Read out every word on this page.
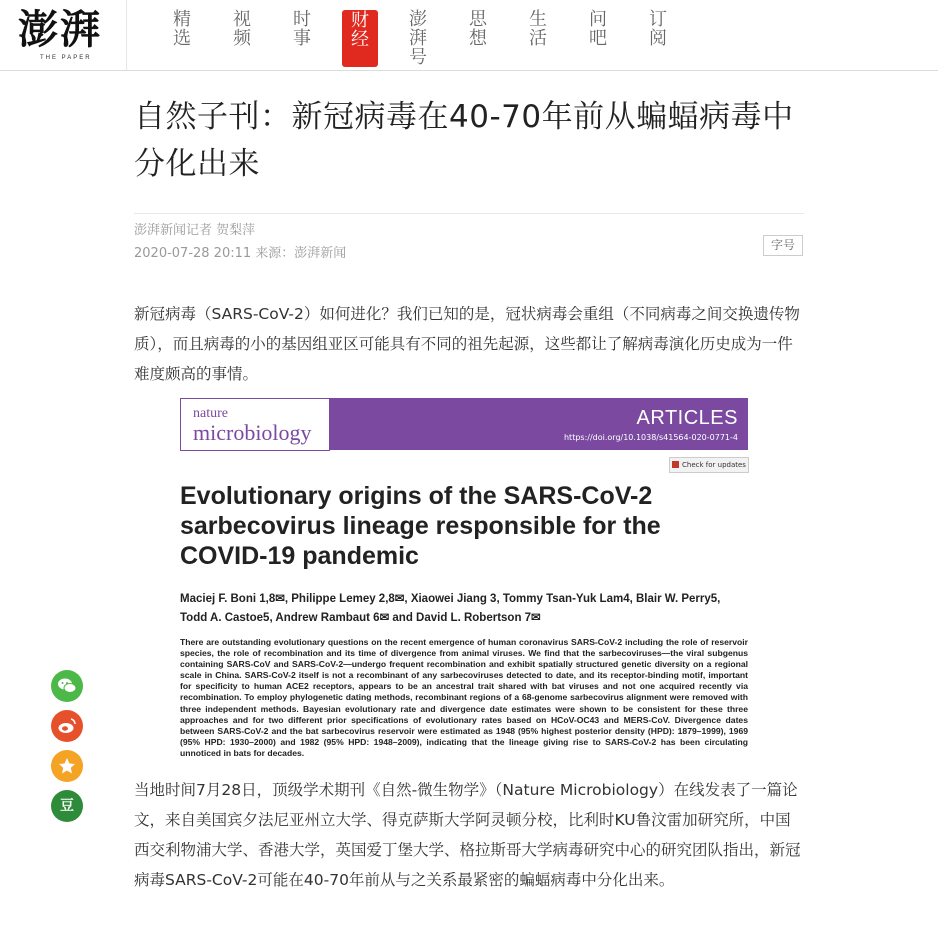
澎湃
THE PAPER
精选
视频
时事
财经
澎湃号
思想
生活
问吧
订阅
自然子刊：新冠病毒在40-70年前从蝙蝠病毒中分化出来
澎湃新闻记者 贺梨萍
2020-07-28 20:11 来源：澎湃新闻
字号
新冠病毒（SARS-CoV-2）如何进化？我们已知的是，冠状病毒会重组（不同病毒之间交换遗传物质），而且病毒的小的基因组亚区可能具有不同的祖先起源，这些都让了解病毒演化历史成为一件难度颇高的事情。
nature
microbiology
ARTICLES
https://doi.org/10.1038/s41564-020-0771-4
Check for updates
Evolutionary origins of the SARS-CoV-2 sarbecovirus lineage responsible for the COVID-19 pandemic
Maciej F. Boni 1,8✉, Philippe Lemey 2,8✉, Xiaowei Jiang 3, Tommy Tsan-Yuk Lam4, Blair W. Perry5, Todd A. Castoe5, Andrew Rambaut 6✉ and David L. Robertson 7✉
There are outstanding evolutionary questions on the recent emergence of human coronavirus SARS-CoV-2 including the role of reservoir species, the role of recombination and its time of divergence from animal viruses. We find that the sarbecoviruses—the viral subgenus containing SARS-CoV and SARS-CoV-2—undergo frequent recombination and exhibit spatially structured genetic diversity on a regional scale in China. SARS-CoV-2 itself is not a recombinant of any sarbecoviruses detected to date, and its receptor-binding motif, important for specificity to human ACE2 receptors, appears to be an ancestral trait shared with bat viruses and not one acquired recently via recombination. To employ phylogenetic dating methods, recombinant regions of a 68-genome sarbecovirus alignment were removed with three independent methods. Bayesian evolutionary rate and divergence date estimates were shown to be consistent for these three approaches and for two different prior specifications of evolutionary rates based on HCoV-OC43 and MERS-CoV. Divergence dates between SARS-CoV-2 and the bat sarbecovirus reservoir were estimated as 1948 (95% highest posterior density (HPD): 1879–1999), 1969 (95% HPD: 1930–2000) and 1982 (95% HPD: 1948–2009), indicating that the lineage giving rise to SARS-CoV-2 has been circulating unnoticed in bats for decades.
当地时间7月28日，顶级学术期刊《自然-微生物学》（Nature Microbiology）在线发表了一篇论文，来自美国宾夕法尼亚州立大学、得克萨斯大学阿灵顿分校，比利时KU鲁汶雷加研究所，中国西交利物浦大学、香港大学，英国爱丁堡大学、格拉斯哥大学病毒研究中心的研究团队指出，新冠病毒SARS-CoV-2可能在40-70年前从与之关系最紧密的蝙蝠病毒中分化出来。
豆
